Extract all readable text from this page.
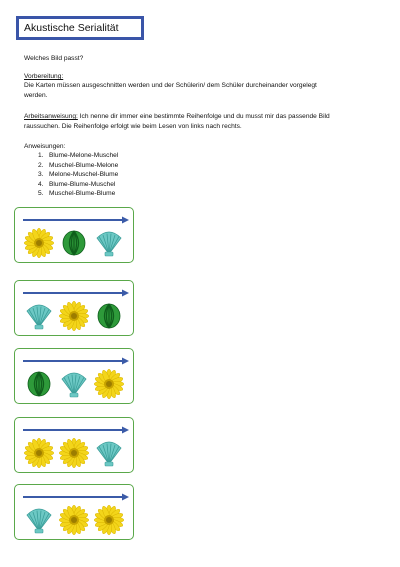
Akustische Serialität
Welches Bild passt?
Vorbereitung:
Die Karten müssen ausgeschnitten werden und der Schülerin/ dem Schüler durcheinander vorgelegt
werden.
Arbeitsanweisung: Ich nenne dir immer eine bestimmte Reihenfolge und du musst mir das passende Bild
raussuchen. Die Reihenfolge erfolgt wie beim Lesen von links nach rechts.
Anweisungen:
1. Blume-Melone-Muschel
2. Muschel-Blume-Melone
3. Melone-Muschel-Blume
4. Blume-Blume-Muschel
5. Muschel-Blume-Blume
